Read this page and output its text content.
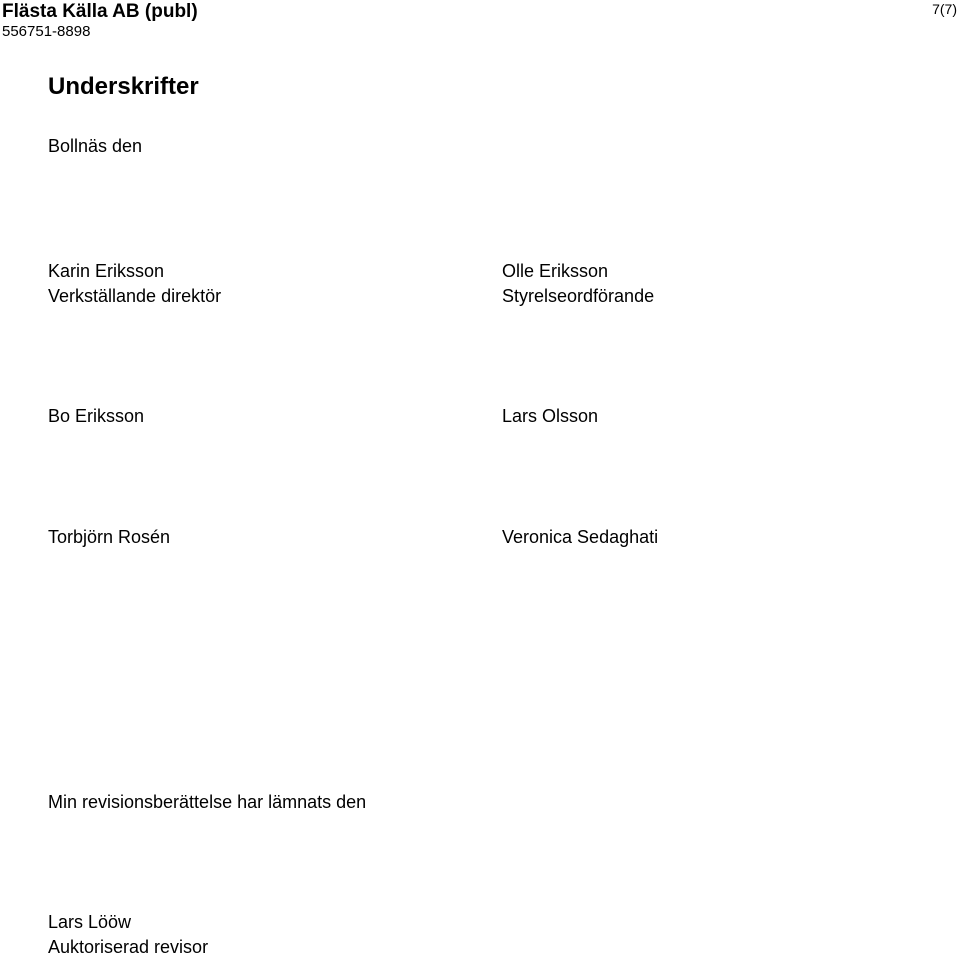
Flästa Källa AB (publ)
556751-8898
7(7)
Underskrifter
Bollnäs den
Karin Eriksson
Verkställande direktör
Olle Eriksson
Styrelseordförande
Bo Eriksson	Lars Olsson
Torbjörn Rosén	Veronica Sedaghati
Min revisionsberättelse har lämnats den
Lars Lööw
Auktoriserad revisor
